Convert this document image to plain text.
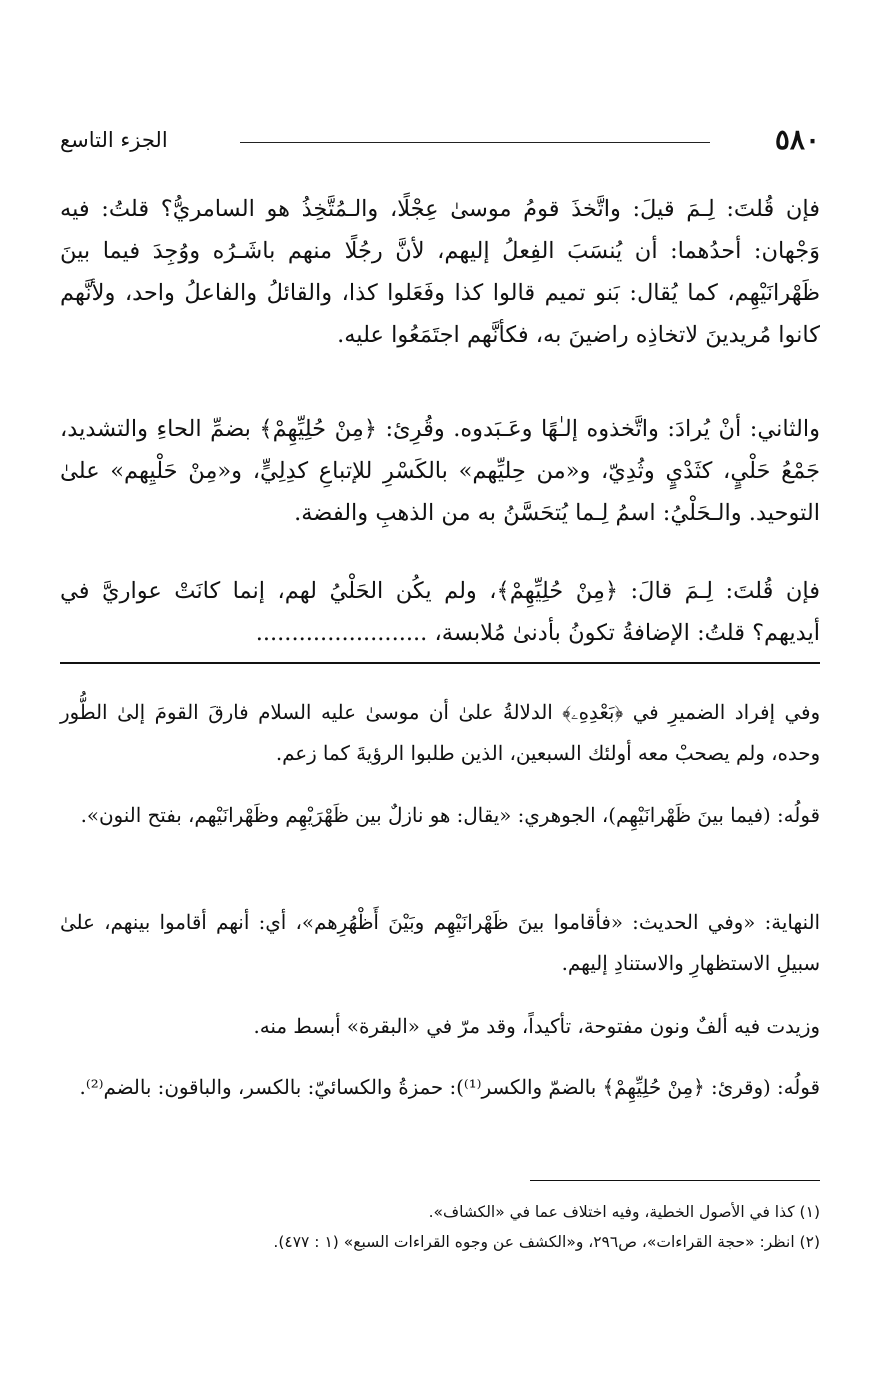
٥٨٠
الجزء التاسع

فإن قُلتَ: لِـمَ قيلَ: واتَّخذَ قومُ موسىٰ عِجْلًا، والـمُتَّخِذُ هو السامريُّ؟ قلتُ: فيه وَجْهان: أحدُهما: أن يُنسَبَ الفِعلُ إليهم، لأنَّ رجُلًا منهم باشَـرُه ووُجِدَ فيما بينَ ظَهْرانَيْهِم، كما يُقال: بَنو تميم قالوا كذا وفَعَلوا كذا، والقائلُ والفاعلُ واحد، ولأنَّهم كانوا مُريدينَ لاتخاذِه راضينَ به، فكأنَّهم اجتَمَعُوا عليه.

والثاني: أنْ يُرادَ: واتَّخذوه إلـٰهًا وعَـبَدوه. وقُرِئ: ﴿مِنْ حُلِيِّهِمْ﴾ بضمِّ الحاءِ والتشديد، جَمْعُ حَلْيٍ، كثَدْيٍ وثُدِيّ، و«من حِليِّهم» بالكَسْرِ للإتباعِ كدِلِيٍّ، و«مِنْ حَلْيِهم» علىٰ التوحيد. والـحَلْيُ: اسمُ لِـما يُتحَسَّنُ به من الذهبِ والفضة.

فإن قُلتَ: لِـمَ قالَ: ﴿مِنْ حُلِيِّهِمْ﴾، ولم يكُن الحَلْيُ لهم، إنما كانَتْ عواريَّ في أيديهم؟ قلتُ: الإضافةُ تكونُ بأدنىٰ مُلابسة، ........................

وفي إفراد الضميرِ في ﴿بَعْدِهِۦ﴾ الدلالةُ علىٰ أن موسىٰ عليه السلام فارقَ القومَ إلىٰ الطُّور وحده، ولم يصحبْ معه أولئك السبعين، الذين طلبوا الرؤيةَ كما زعم.

قولُه: (فيما بينَ ظَهْرانَيْهِم)، الجوهري: «يقال: هو نازلٌ بين ظَهْرَيْهِم وظَهْرانَيْهم، بفتح النون».

النهاية: «وفي الحديث: «فأقاموا بينَ ظَهْرانَيْهِم وبَيْنَ أَظْهُرِهم»، أي: أنهم أقاموا بينهم، علىٰ سبيلِ الاستظهارِ والاستنادِ إليهم.

وزيدت فيه ألفٌ ونون مفتوحة، تأكيداً، وقد مرّ في «البقرة» أبسط منه.

قولُه: (وقرئ: ﴿مِنْ حُلِيِّهِمْ﴾ بالضمّ والكسر⁽¹⁾): حمزةُ والكسائيّ: بالكسر، والباقون: بالضم⁽²⁾.

(١) كذا في الأصول الخطية، وفيه اختلاف عما في «الكشاف».

(٢) انظر: «حجة القراءات»، ص٢٩٦، و«الكشف عن وجوه القراءات السبع» (١ : ٤٧٧).
